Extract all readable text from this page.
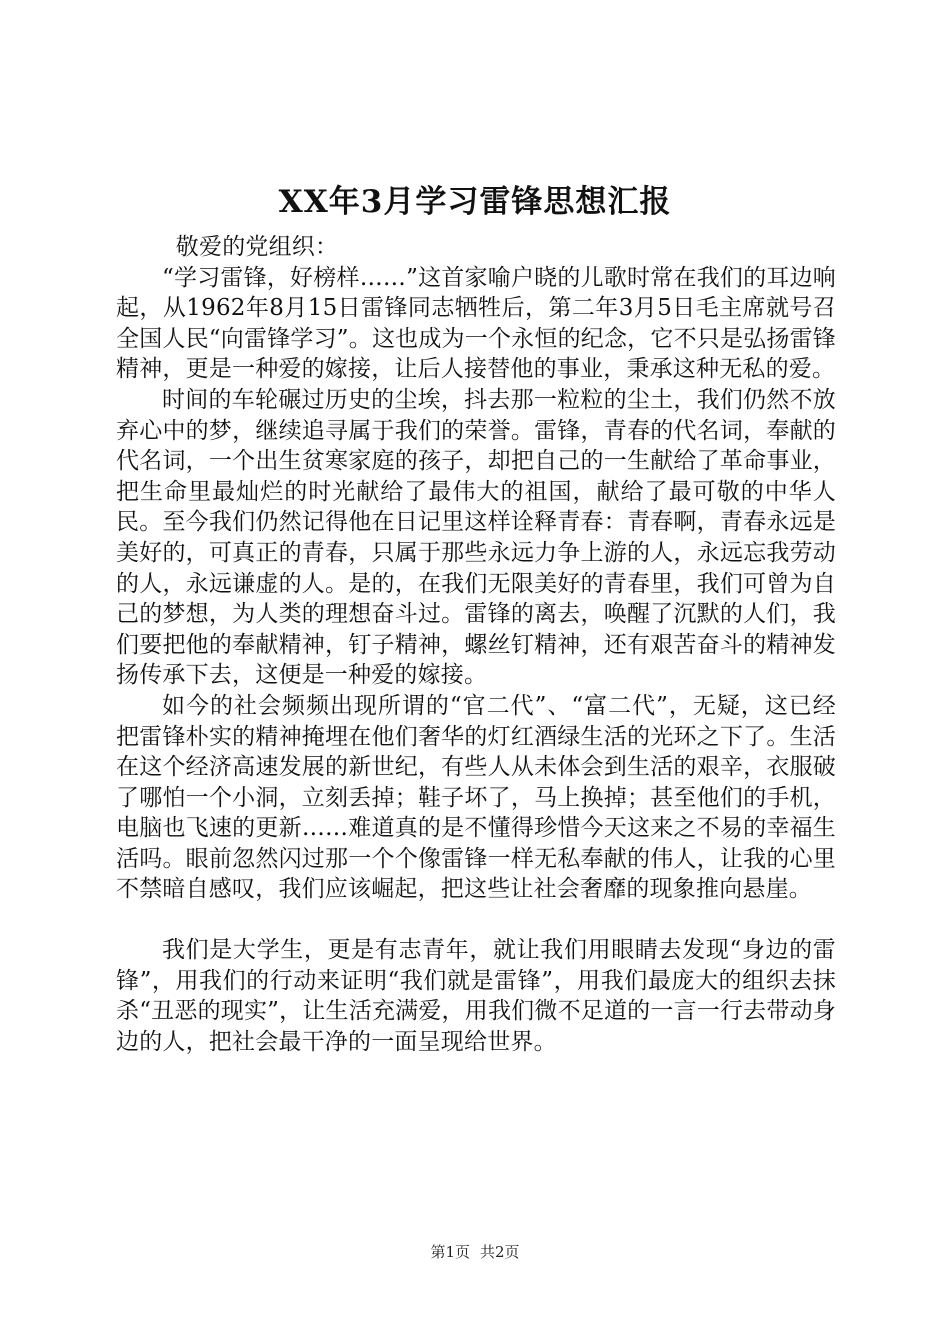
XX年3月学习雷锋思想汇报

敬爱的党组织：

“学习雷锋，好榜样……”这首家喻户晓的儿歌时常在我们的耳边响起，从1962年8月15日雷锋同志牺牲后，第二年3月5日毛主席就号召全国人民“向雷锋学习”。这也成为一个永恒的纪念，它不只是弘扬雷锋精神，更是一种爱的嫁接，让后人接替他的事业，秉承这种无私的爱。

时间的车轮碾过历史的尘埃，抖去那一粒粒的尘土，我们仍然不放弃心中的梦，继续追寻属于我们的荣誉。雷锋，青春的代名词，奉献的代名词，一个出生贫寒家庭的孩子，却把自己的一生献给了革命事业，把生命里最灿烂的时光献给了最伟大的祖国，献给了最可敬的中华人民。至今我们仍然记得他在日记里这样诠释青春：青春啊，青春永远是美好的，可真正的青春，只属于那些永远力争上游的人，永远忘我劳动的人，永远谦虚的人。是的，在我们无限美好的青春里，我们可曾为自己的梦想，为人类的理想奋斗过。雷锋的离去，唤醒了沉默的人们，我们要把他的奉献精神，钉子精神，螺丝钉精神，还有艰苦奋斗的精神发扬传承下去，这便是一种爱的嫁接。

如今的社会频频出现所谓的“官二代”、“富二代”，无疑，这已经把雷锋朴实的精神掩埋在他们奢华的灯红酒绿生活的光环之下了。生活在这个经济高速发展的新世纪，有些人从未体会到生活的艰辛，衣服破了哪怕一个小洞，立刻丢掉；鞋子坏了，马上换掉；甚至他们的手机，电脑也飞速的更新……难道真的是不懂得珍惜今天这来之不易的幸福生活吗。眼前忽然闪过那一个个像雷锋一样无私奉献的伟人，让我的心里不禁暗自感叹，我们应该崛起，把这些让社会奢靡的现象推向悬崖。

我们是大学生，更是有志青年，就让我们用眼睛去发现“身边的雷锋”，用我们的行动来证明“我们就是雷锋”，用我们最庞大的组织去抹杀“丑恶的现实”，让生活充满爱，用我们微不足道的一言一行去带动身边的人，把社会最干净的一面呈现给世界。

第1页 共2页
